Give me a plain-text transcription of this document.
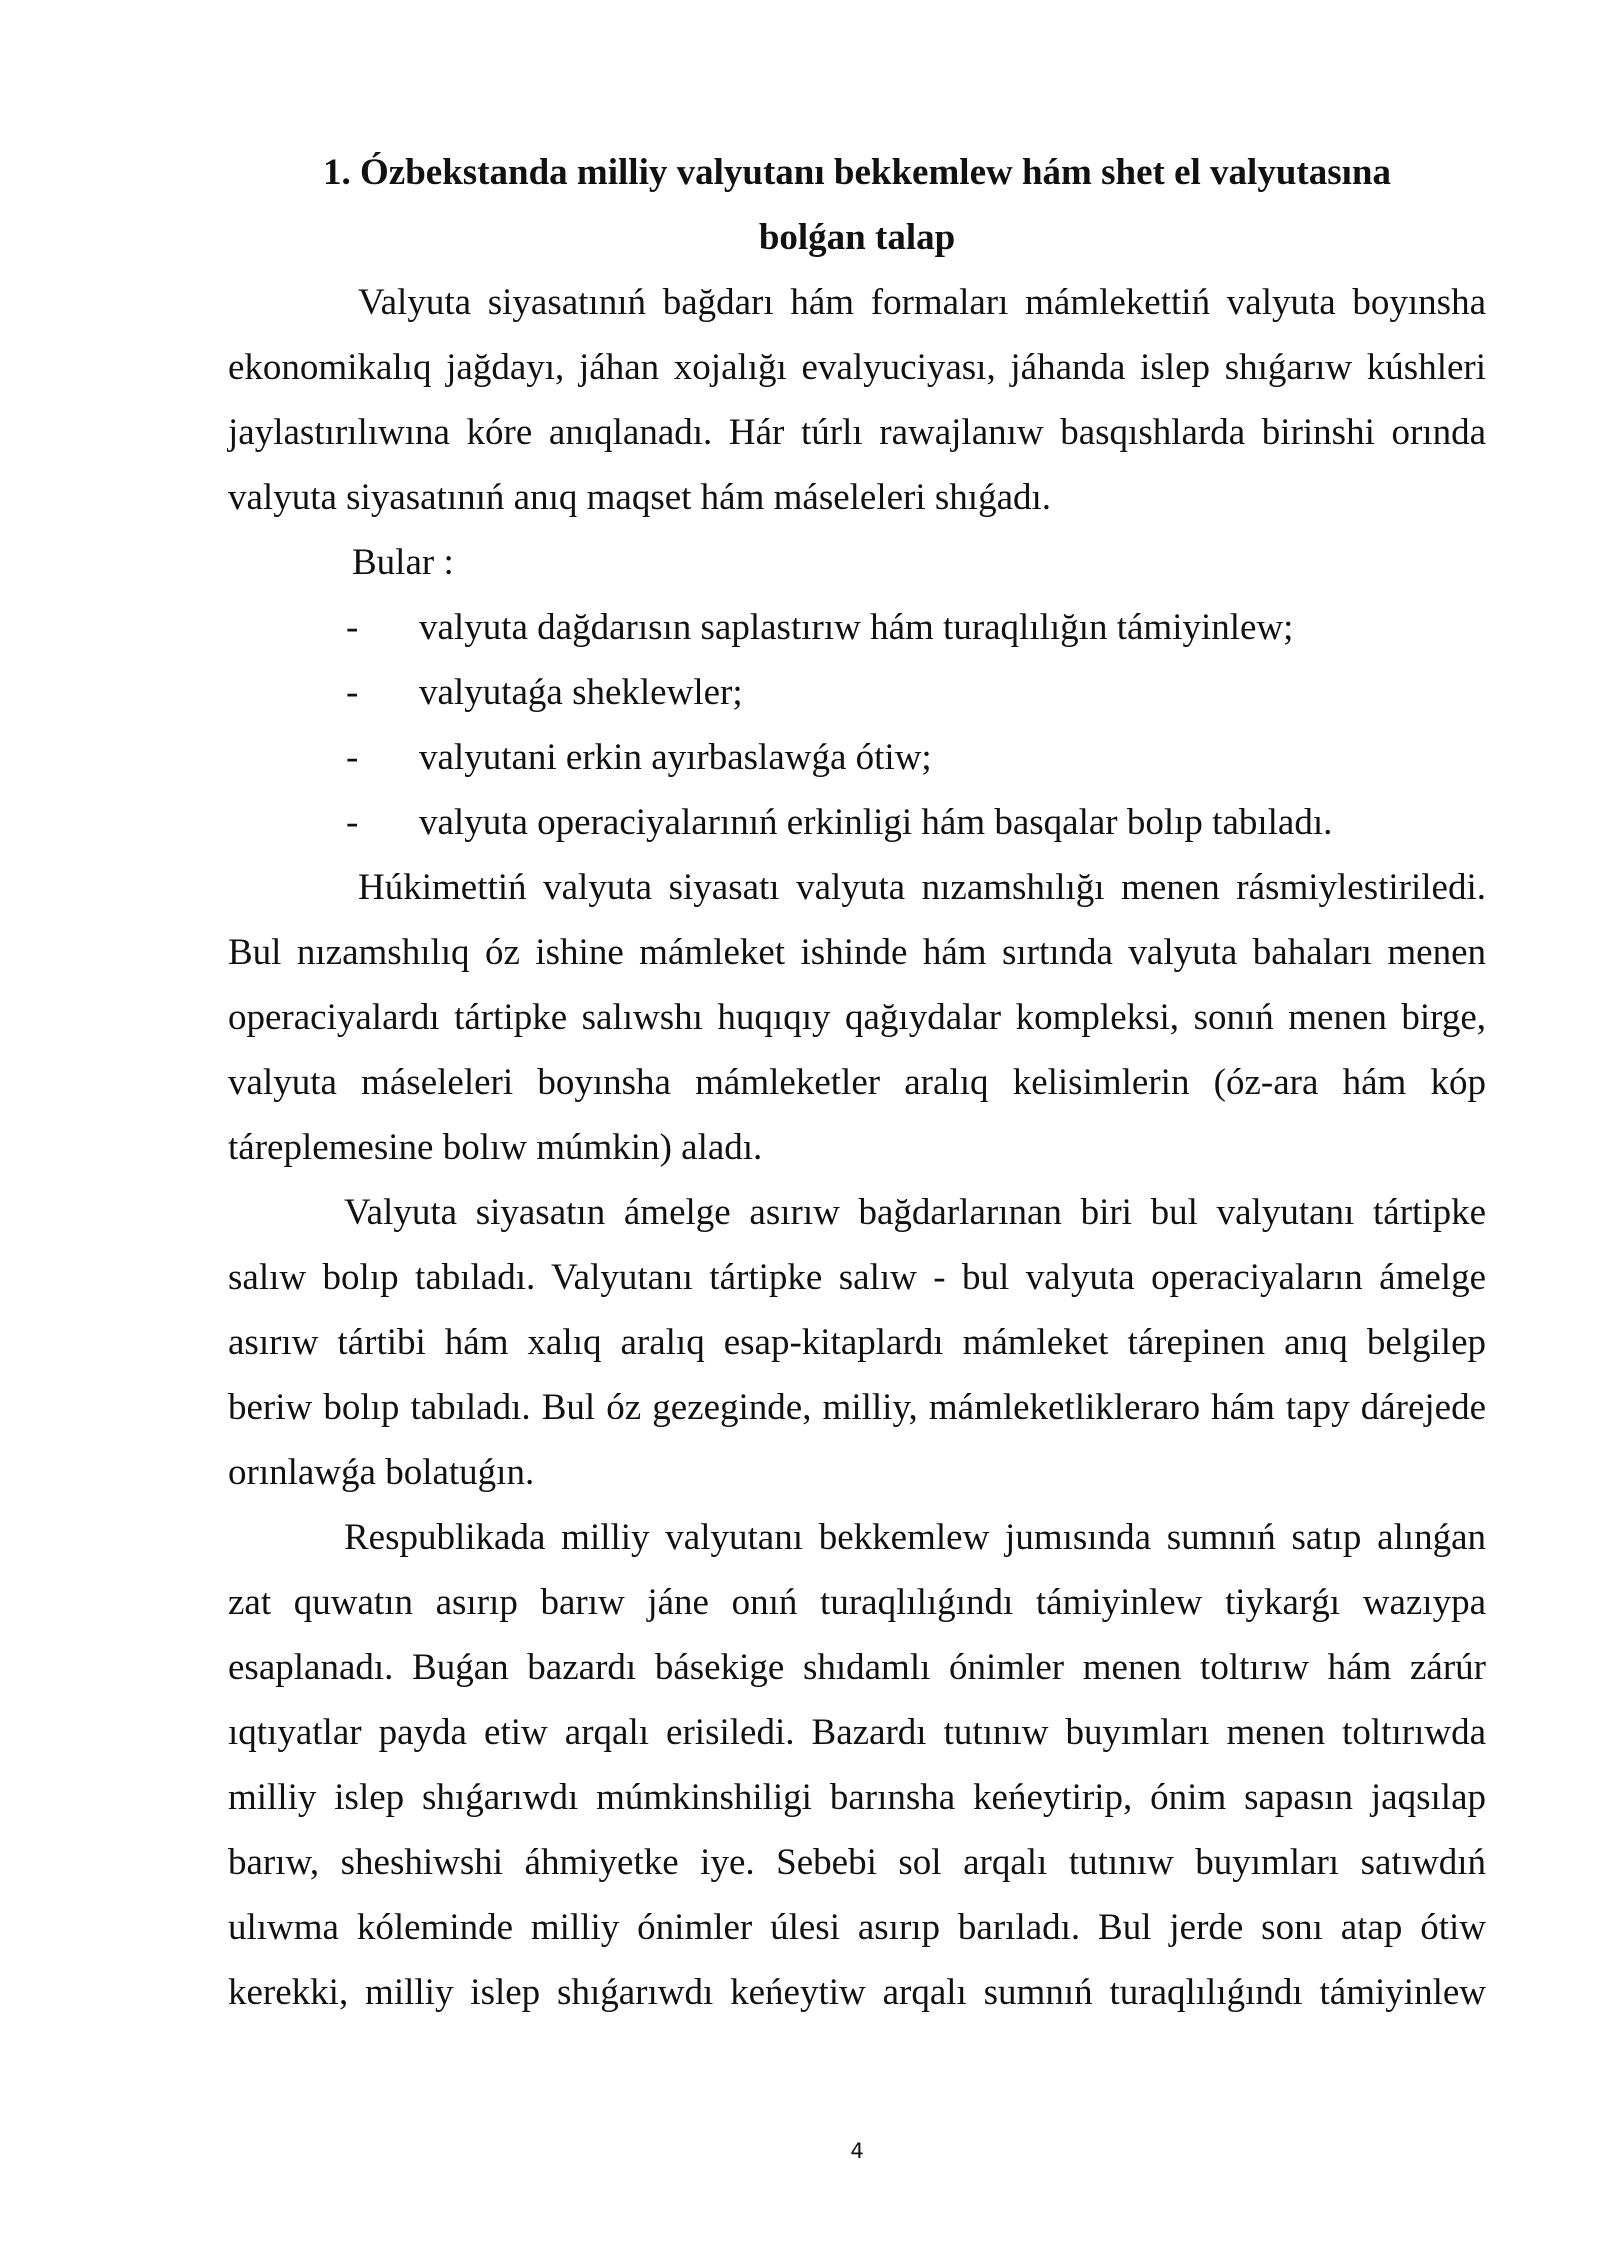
1. Ózbekstanda milliy valyutanı bekkemlew hám shet el valyutasına
bolǵan talap
Valyuta siyasatınıń bağdarı hám formaları mámlekettiń valyuta boyınsha
ekonomikalıq jağdayı, jáhan xojalığı evalyuciyası, jáhanda islep shıǵarıw kúshleri
jaylastırılıwına kóre anıqlanadı. Hár túrlı rawajlanıw basqıshlarda birinshi orında
valyuta siyasatınıń anıq maqset hám máseleleri shıǵadı.
Bular :
- valyuta dağdarısın saplastırıw hám turaqlılığın támiyinlew;
- valyutaǵa sheklewler;
- valyutani erkin ayırbaslawǵa ótiw;
- valyuta operaciyalarınıń erkinligi hám basqalar bolıp tabıladı.
Húkimettiń valyuta siyasatı valyuta nızamshılığı menen rásmiylestiriledi.
Bul nızamshılıq óz ishine mámleket ishinde hám sırtında valyuta bahaları menen
operaciyalardı tártipke salıwshı huqıqıy qağıydalar kompleksi, sonıń menen birge,
valyuta máseleleri boyınsha mámleketler aralıq kelisimlerin (óz-ara hám kóp
táreplemesine bolıw múmkin) aladı.
Valyuta siyasatın ámelge asırıw bağdarlarınan biri bul valyutanı tártipke
salıw bolıp tabıladı. Valyutanı tártipke salıw - bul valyuta operaciyaların ámelge
asırıw tártibi hám xalıq aralıq esap-kitaplardı mámleket tárepinen anıq belgilep
beriw bolıp tabıladı. Bul óz gezeginde, milliy, mámleketlikleraro hám tapy dárejede
orınlawǵa bolatuǵın.
Respublikada milliy valyutanı bekkemlew jumısında sumnıń satıp alınǵan
zat quwatın asırıp barıw jáne onıń turaqlılıǵındı támiyinlew tiykarǵı wazıypa
esaplanadı. Buǵan bazardı básekige shıdamlı ónimler menen toltırıw hám zárúr
ıqtıyatlar payda etiw arqalı erisiledi. Bazardı tutınıw buyımları menen toltırıwda
milliy islep shıǵarıwdı múmkinshiligi barınsha keńeytirip, ónim sapasın jaqsılap
barıw, sheshiwshi áhmiyetke iye. Sebebi sol arqalı tutınıw buyımları satıwdıń
ulıwma kóleminde milliy ónimler úlesi asırıp barıladı. Bul jerde sonı atap ótiw
kerekki, milliy islep shıǵarıwdı keńeytiw arqalı sumnıń turaqlılıǵındı támiyinlew
4
